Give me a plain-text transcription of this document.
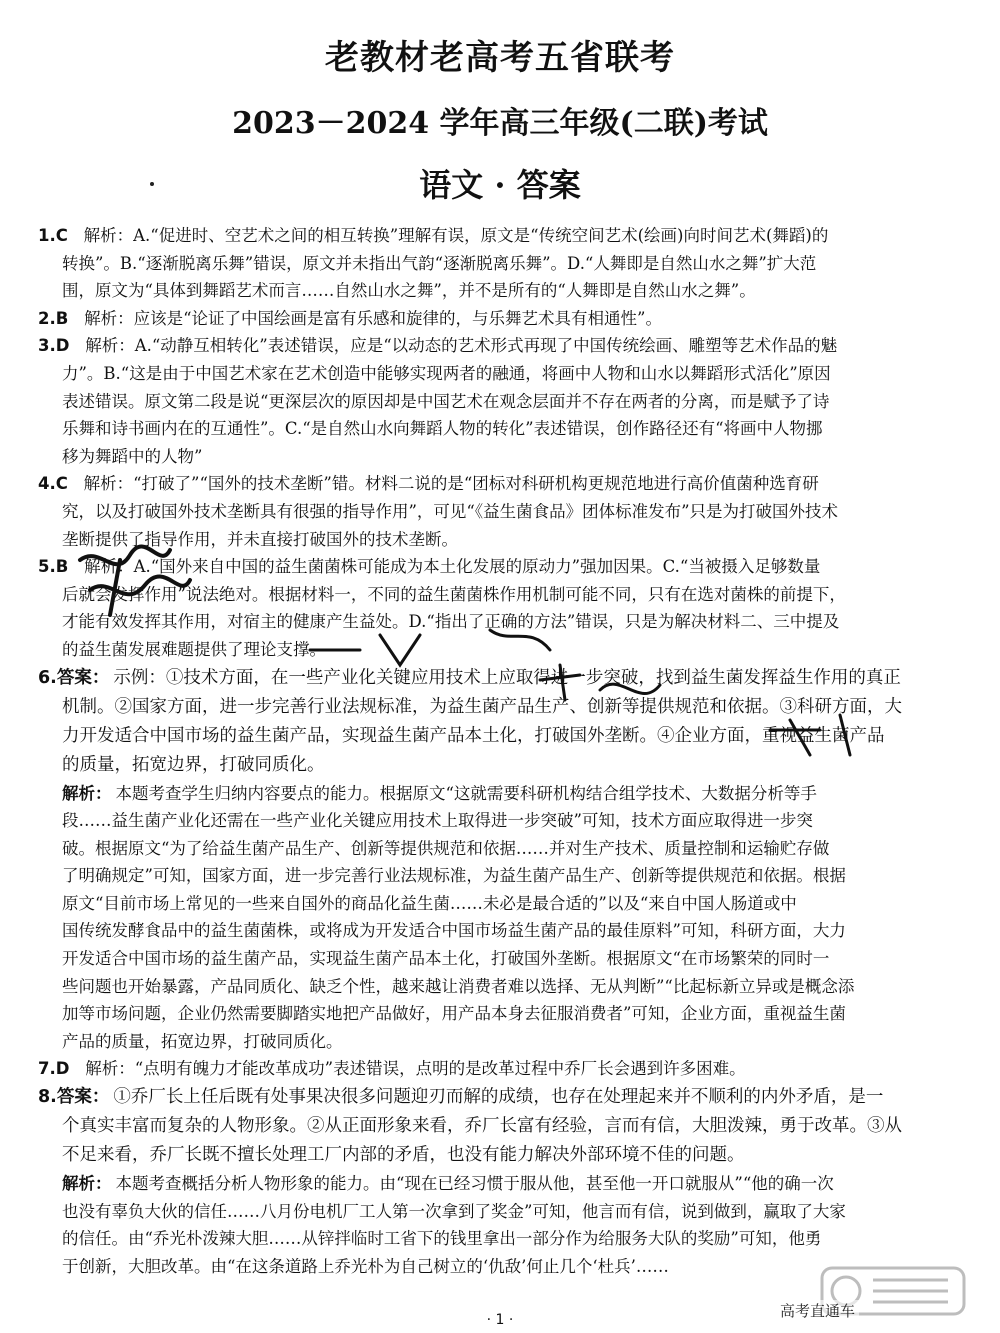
老教材老高考五省联考
2023－2024 学年高三年级(二联)考试
语文 · 答案
1.C 解析：A.“促进时、空艺术之间的相互转换”理解有误，原文是“传统空间艺术(绘画)向时间艺术(舞蹈)的
转换”。B.“逐渐脱离乐舞”错误，原文并未指出气韵“逐渐脱离乐舞”。D.“人舞即是自然山水之舞”扩大范
围，原文为“具体到舞蹈艺术而言……自然山水之舞”，并不是所有的“人舞即是自然山水之舞”。
2.B 解析：应该是“论证了中国绘画是富有乐感和旋律的，与乐舞艺术具有相通性”。
3.D 解析：A.“动静互相转化”表述错误，应是“以动态的艺术形式再现了中国传统绘画、雕塑等艺术作品的魅
力”。B.“这是由于中国艺术家在艺术创造中能够实现两者的融通，将画中人物和山水以舞蹈形式活化”原因
表述错误。原文第二段是说“更深层次的原因却是中国艺术在观念层面并不存在两者的分离，而是赋予了诗
乐舞和诗书画内在的互通性”。C.“是自然山水向舞蹈人物的转化”表述错误，创作路径还有“将画中人物挪
移为舞蹈中的人物”
4.C 解析：“打破了”“国外的技术垄断”错。材料二说的是“团标对科研机构更规范地进行高价值菌种选育研
究，以及打破国外技术垄断具有很强的指导作用”，可见“《益生菌食品》团体标准发布”只是为打破国外技术
垄断提供了指导作用，并未直接打破国外的技术垄断。
5.B 解析：A.“国外来自中国的益生菌菌株可能成为本土化发展的原动力”强加因果。C.“当被摄入足够数量
后就会发挥作用”说法绝对。根据材料一，不同的益生菌菌株作用机制可能不同，只有在选对菌株的前提下，
才能有效发挥其作用，对宿主的健康产生益处。D.“指出了正确的方法”错误，只是为解决材料二、三中提及
的益生菌发展难题提供了理论支撑。
6.答案： 示例：①技术方面，在一些产业化关键应用技术上应取得进一步突破，找到益生菌发挥益生作用的真正
机制。②国家方面，进一步完善行业法规标准，为益生菌产品生产、创新等提供规范和依据。③科研方面，大
力开发适合中国市场的益生菌产品，实现益生菌产品本土化，打破国外垄断。④企业方面，重视益生菌产品
的质量，拓宽边界，打破同质化。
解析： 本题考查学生归纳内容要点的能力。根据原文“这就需要科研机构结合组学技术、大数据分析等手
段……益生菌产业化还需在一些产业化关键应用技术上取得进一步突破”可知，技术方面应取得进一步突
破。根据原文“为了给益生菌产品生产、创新等提供规范和依据……并对生产技术、质量控制和运输贮存做
了明确规定”可知，国家方面，进一步完善行业法规标准，为益生菌产品生产、创新等提供规范和依据。根据
原文“目前市场上常见的一些来自国外的商品化益生菌……未必是最合适的”以及“来自中国人肠道或中
国传统发酵食品中的益生菌菌株，或将成为开发适合中国市场益生菌产品的最佳原料”可知，科研方面，大力
开发适合中国市场的益生菌产品，实现益生菌产品本土化，打破国外垄断。根据原文“在市场繁荣的同时一
些问题也开始暴露，产品同质化、缺乏个性，越来越让消费者难以选择、无从判断”“比起标新立异或是概念添
加等市场问题，企业仍然需要脚踏实地把产品做好，用产品本身去征服消费者”可知，企业方面，重视益生菌
产品的质量，拓宽边界，打破同质化。
7.D 解析：“点明有魄力才能改革成功”表述错误，点明的是改革过程中乔厂长会遇到许多困难。
8.答案： ①乔厂长上任后既有处事果决很多问题迎刃而解的成绩，也存在处理起来并不顺利的内外矛盾，是一
个真实丰富而复杂的人物形象。②从正面形象来看，乔厂长富有经验，言而有信，大胆泼辣，勇于改革。③从
不足来看，乔厂长既不擅长处理工厂内部的矛盾，也没有能力解决外部环境不佳的问题。
解析： 本题考查概括分析人物形象的能力。由“现在已经习惯于服从他，甚至他一开口就服从”“他的确一次
也没有辜负大伙的信任……八月份电机厂工人第一次拿到了奖金”可知，他言而有信，说到做到，赢取了大家
的信任。由“乔光朴泼辣大胆……从锌拌临时工省下的钱里拿出一部分作为给服务大队的奖励”可知，他勇
于创新，大胆改革。由“在这条道路上乔光朴为自己树立的‘仇敌’何止几个‘杜兵’……
高考直通车
· 1 ·
